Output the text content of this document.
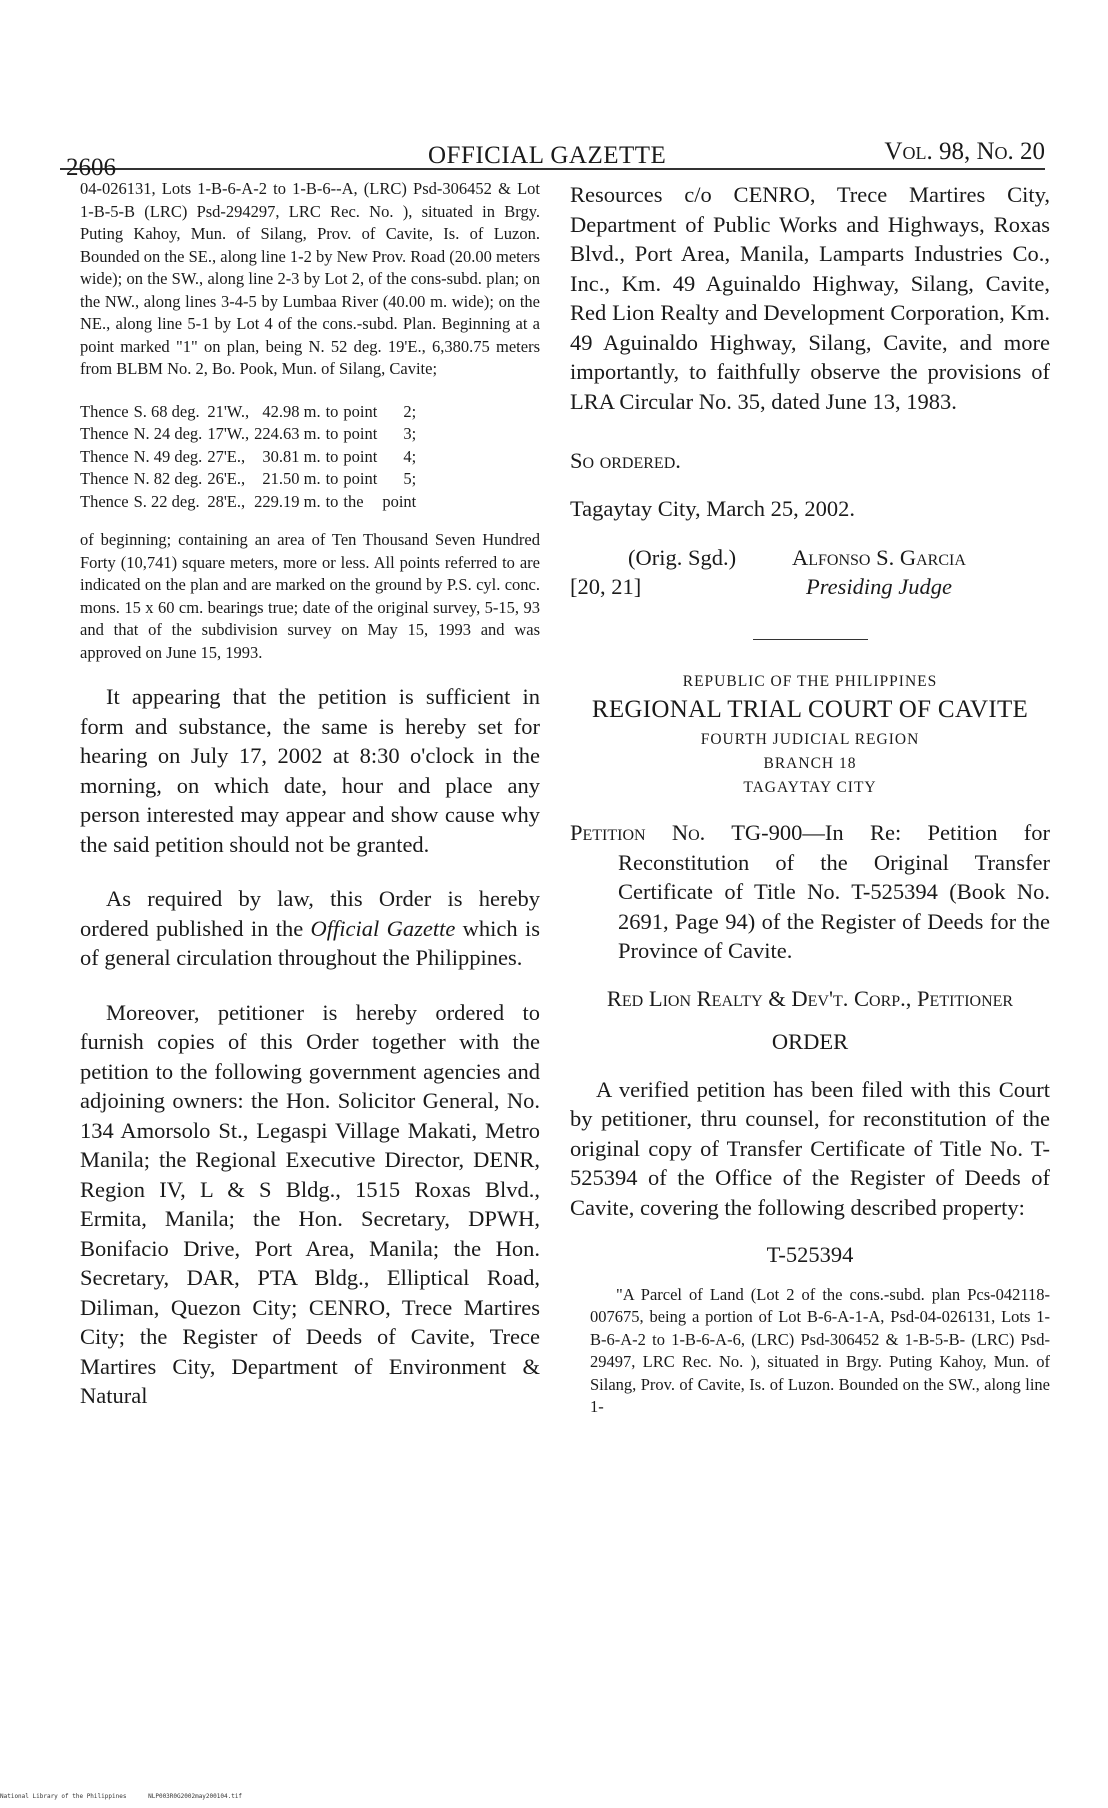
2606	OFFICIAL GAZETTE	Vol. 98, No. 20

04-026131, Lots 1-B-6-A-2 to 1-B-6--A, (LRC) Psd-306452 & Lot 1-B-5-B (LRC) Psd-294297, LRC Rec. No. ), situated in Brgy. Puting Kahoy, Mun. of Silang, Prov. of Cavite, Is. of Luzon. Bounded on the SE., along line 1-2 by New Prov. Road (20.00 meters wide); on the SW., along line 2-3 by Lot 2, of the cons-subd. plan; on the NW., along lines 3-4-5 by Lumbaa River (40.00 m. wide); on the NE., along line 5-1 by Lot 4 of the cons.-subd. Plan. Beginning at a point marked "1" on plan, being N. 52 deg. 19'E., 6,380.75 meters from BLBM No. 2, Bo. Pook, Mun. of Silang, Cavite;

Thence	S. 68 deg.	21'W.,	42.98 m.	to	point	2;
Thence	N. 24 deg.	17'W.,	224.63 m.	to	point	3;
Thence	N. 49 deg.	27'E.,	30.81 m.	to	point	4;
Thence	N. 82 deg.	26'E.,	21.50 m.	to	point	5;
Thence	S. 22 deg.	28'E.,	229.19 m.	to	the	point

of beginning; containing an area of Ten Thousand Seven Hundred Forty (10,741) square meters, more or less. All points referred to are indicated on the plan and are marked on the ground by P.S. cyl. conc. mons. 15 x 60 cm. bearings true; date of the original survey, 5-15, 93 and that of the subdivision survey on May 15, 1993 and was approved on June 15, 1993.

It appearing that the petition is sufficient in form and substance, the same is hereby set for hearing on July 17, 2002 at 8:30 o'clock in the morning, on which date, hour and place any person interested may appear and show cause why the said petition should not be granted.

As required by law, this Order is hereby ordered published in the Official Gazette which is of general circulation throughout the Philippines.

Moreover, petitioner is hereby ordered to furnish copies of this Order together with the petition to the following government agencies and adjoining owners: the Hon. Solicitor General, No. 134 Amorsolo St., Legaspi Village Makati, Metro Manila; the Regional Executive Director, DENR, Region IV, L & S Bldg., 1515 Roxas Blvd., Ermita, Manila; the Hon. Secretary, DPWH, Bonifacio Drive, Port Area, Manila; the Hon. Secretary, DAR, PTA Bldg., Elliptical Road, Diliman, Quezon City; CENRO, Trece Martires City; the Register of Deeds of Cavite, Trece Martires City, Department of Environment & Natural

Resources c/o CENRO, Trece Martires City, Department of Public Works and Highways, Roxas Blvd., Port Area, Manila, Lamparts Industries Co., Inc., Km. 49 Aguinaldo Highway, Silang, Cavite, Red Lion Realty and Development Corporation, Km. 49 Aguinaldo Highway, Silang, Cavite, and more importantly, to faithfully observe the provisions of LRA Circular No. 35, dated June 13, 1983.

So ordered.

Tagaytay City, March 25, 2002.

(Orig. Sgd.) Alfonso S. Garcia
[20, 21]	Presiding Judge

REPUBLIC OF THE PHILIPPINES

REGIONAL TRIAL COURT OF CAVITE

FOURTH JUDICIAL REGION

BRANCH 18

TAGAYTAY CITY

Petition No. TG-900—In Re: Petition for Reconstitution of the Original Transfer Certificate of Title No. T-525394 (Book No. 2691, Page 94) of the Register of Deeds for the Province of Cavite.

Red Lion Realty & Dev't. Corp., Petitioner

ORDER

A verified petition has been filed with this Court by petitioner, thru counsel, for reconstitution of the original copy of Transfer Certificate of Title No. T-525394 of the Office of the Register of Deeds of Cavite, covering the following described property:

T-525394

"A Parcel of Land (Lot 2 of the cons.-subd. plan Pcs-042118-007675, being a portion of Lot B-6-A-1-A, Psd-04-026131, Lots 1-B-6-A-2 to 1-B-6-A-6, (LRC) Psd-306452 & 1-B-5-B- (LRC) Psd-29497, LRC Rec. No. ), situated in Brgy. Puting Kahoy, Mun. of Silang, Prov. of Cavite, Is. of Luzon. Bounded on the SW., along line 1-

National Library of the Philippines	NLP003R0G2002may200104.tif
